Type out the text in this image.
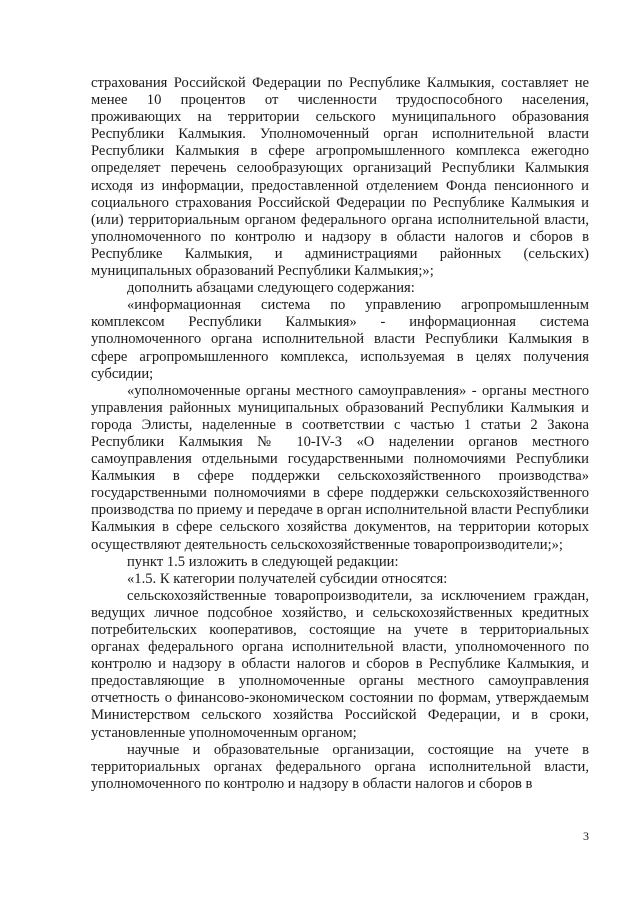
страхования Российской Федерации по Республике Калмыкия, составляет не менее 10 процентов от численности трудоспособного населения, проживающих на территории сельского муниципального образования Республики Калмыкия. Уполномоченный орган исполнительной власти Республики Калмыкия в сфере агропромышленного комплекса ежегодно определяет перечень селообразующих организаций Республики Калмыкия исходя из информации, предоставленной отделением Фонда пенсионного и социального страхования Российской Федерации по Республике Калмыкия и (или) территориальным органом федерального органа исполнительной власти, уполномоченного по контролю и надзору в области налогов и сборов в Республике Калмыкия, и администрациями районных (сельских) муниципальных образований Республики Калмыкия;»;

дополнить абзацами следующего содержания:

«информационная система по управлению агропромышленным комплексом Республики Калмыкия» - информационная система уполномоченного органа исполнительной власти Республики Калмыкия в сфере агропромышленного комплекса, используемая в целях получения субсидии;

«уполномоченные органы местного самоуправления» - органы местного управления районных муниципальных образований Республики Калмыкия и города Элисты, наделенные в соответствии с частью 1 статьи 2 Закона Республики Калмыкия № 10-IV-З «О наделении органов местного самоуправления отдельными государственными полномочиями Республики Калмыкия в сфере поддержки сельскохозяйственного производства» государственными полномочиями в сфере поддержки сельскохозяйственного производства по приему и передаче в орган исполнительной власти Республики Калмыкия в сфере сельского хозяйства документов, на территории которых осуществляют деятельность сельскохозяйственные товаропроизводители;»;

пункт 1.5 изложить в следующей редакции:

«1.5. К категории получателей субсидии относятся:

сельскохозяйственные товаропроизводители, за исключением граждан, ведущих личное подсобное хозяйство, и сельскохозяйственных кредитных потребительских кооперативов, состоящие на учете в территориальных органах федерального органа исполнительной власти, уполномоченного по контролю и надзору в области налогов и сборов в Республике Калмыкия, и предоставляющие в уполномоченные органы местного самоуправления отчетность о финансово-экономическом состоянии по формам, утверждаемым Министерством сельского хозяйства Российской Федерации, и в сроки, установленные уполномоченным органом;

научные и образовательные организации, состоящие на учете в территориальных органах федерального органа исполнительной власти, уполномоченного по контролю и надзору в области налогов и сборов в

3
